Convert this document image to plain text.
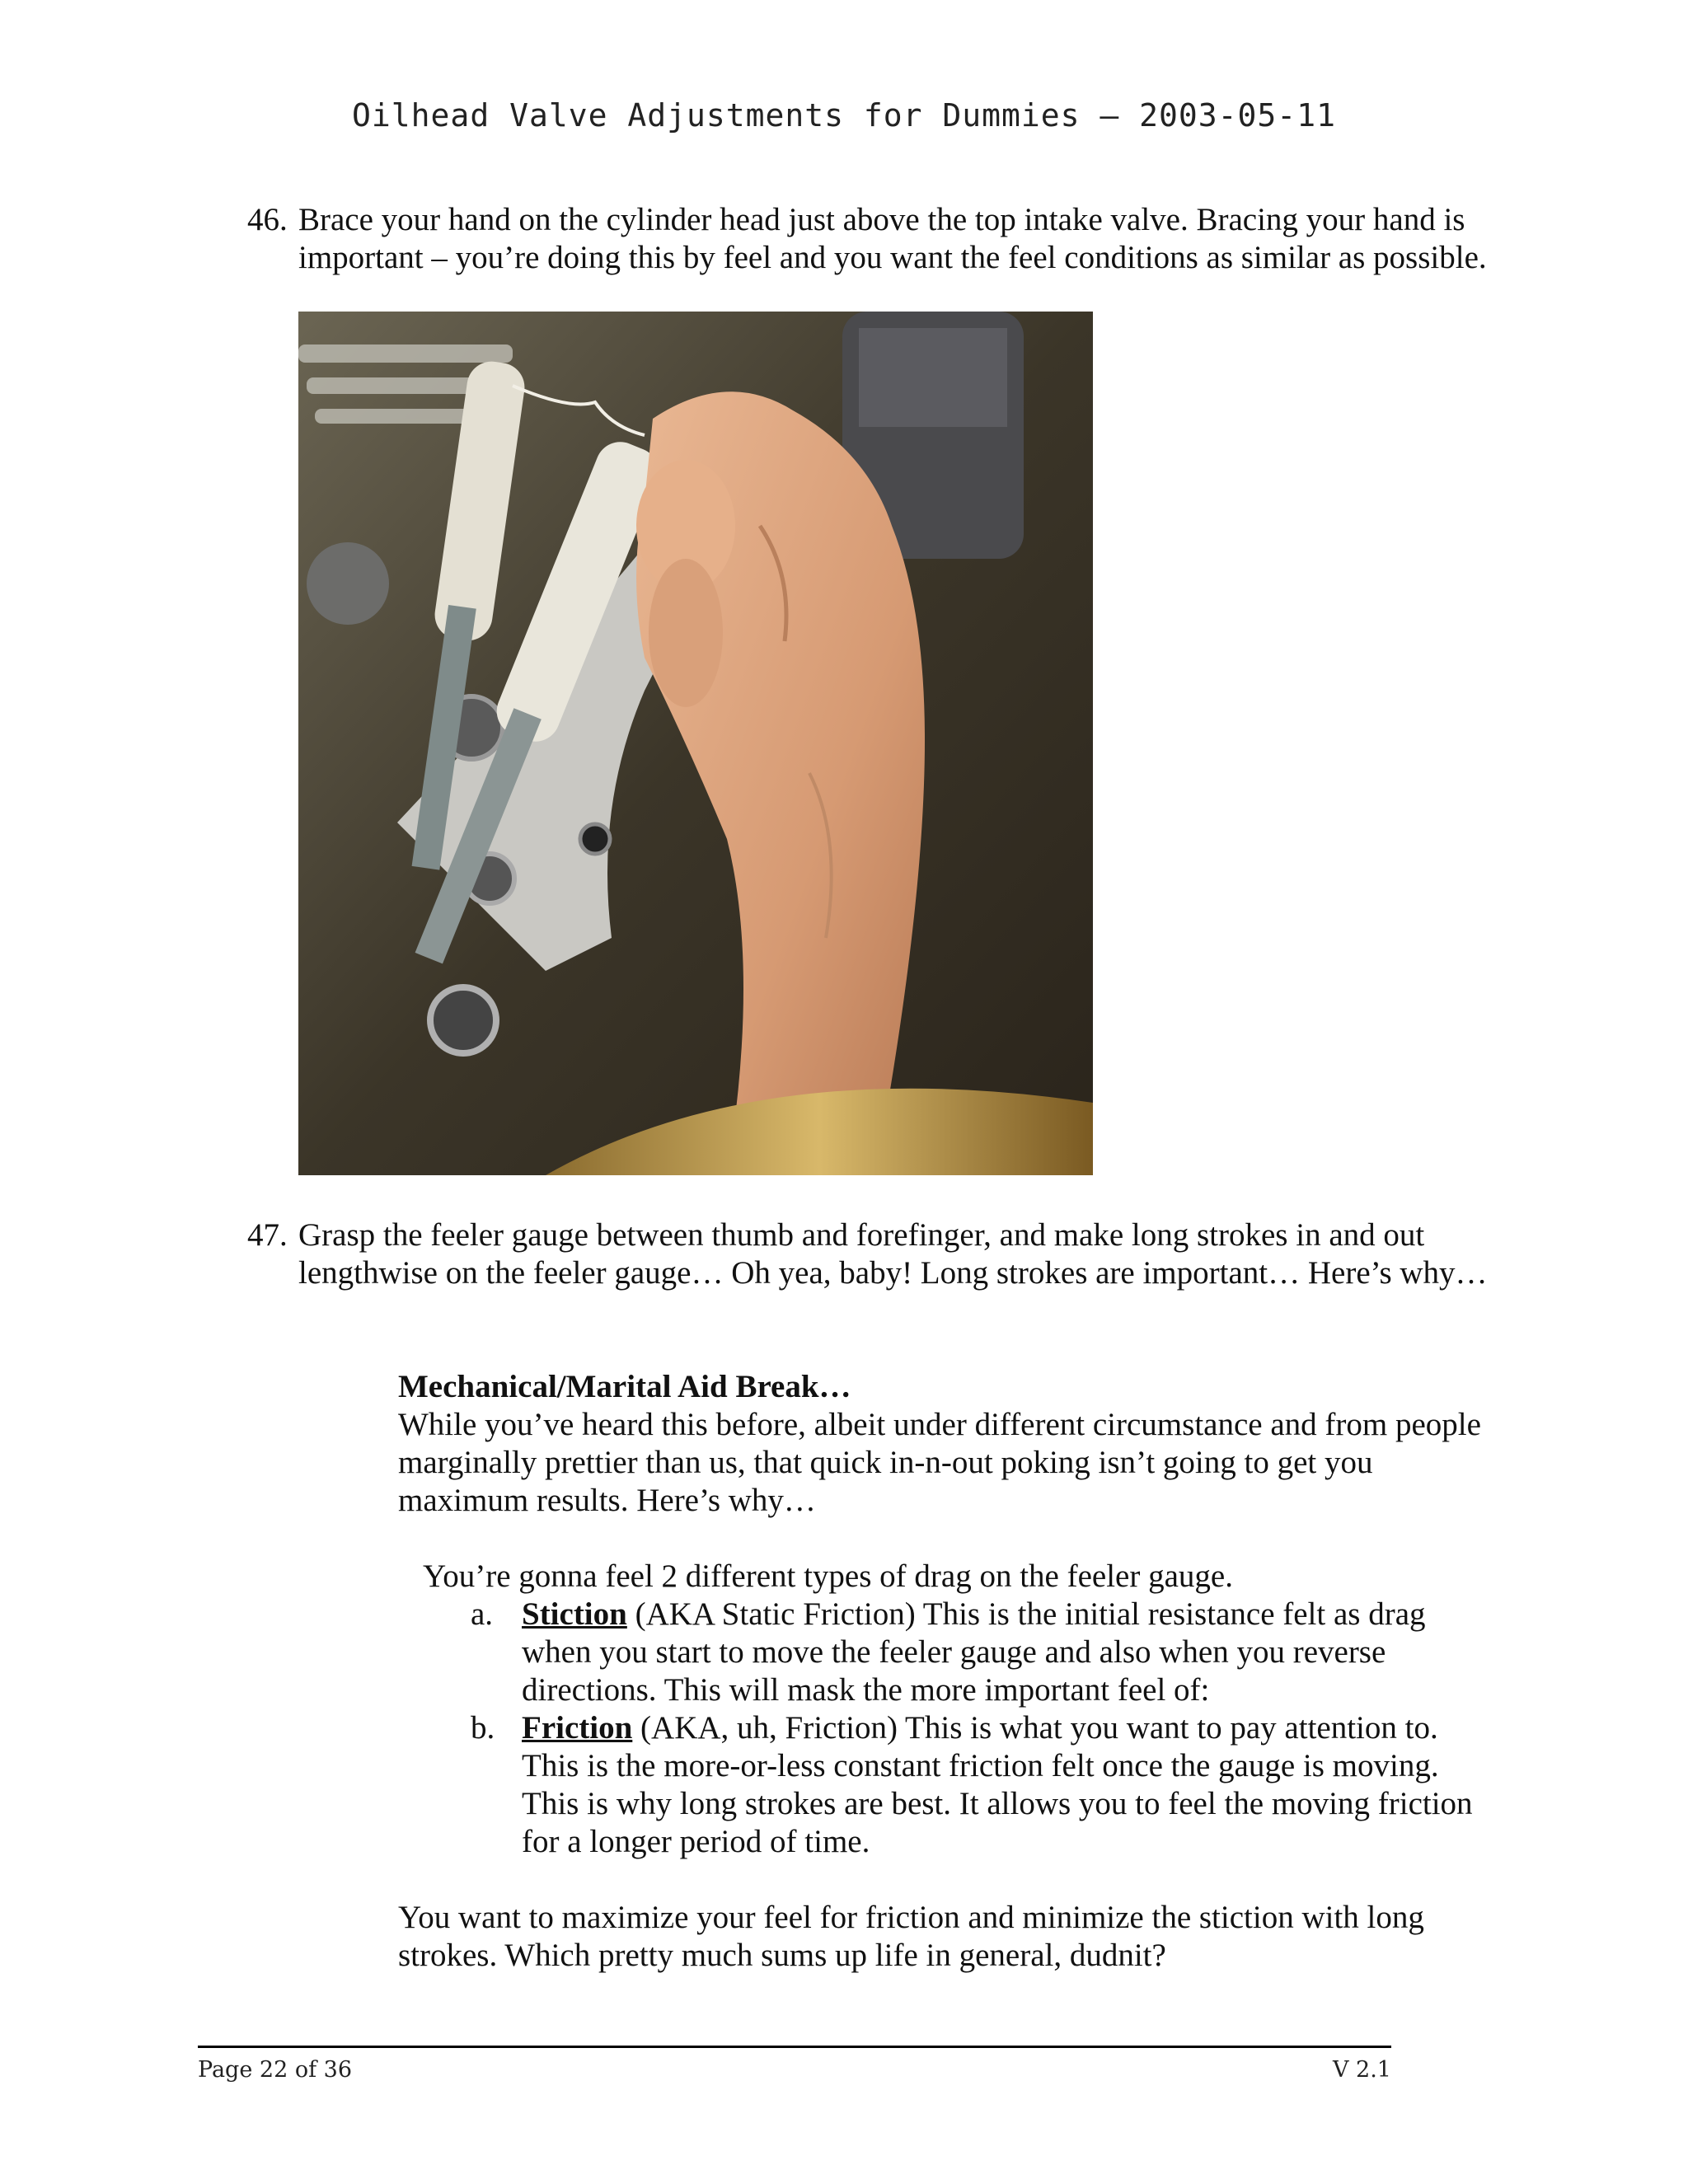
Oilhead Valve Adjustments for Dummies – 2003-05-11
46. Brace your hand on the cylinder head just above the top intake valve. Bracing your hand is important – you’re doing this by feel and you want the feel conditions as similar as possible.
47. Grasp the feeler gauge between thumb and forefinger, and make long strokes in and out lengthwise on the feeler gauge… Oh yea, baby! Long strokes are important… Here’s why…
Mechanical/Marital Aid Break…
While you’ve heard this before, albeit under different circumstance and from people marginally prettier than us, that quick in-n-out poking isn’t going to get you maximum results. Here’s why…
You’re gonna feel 2 different types of drag on the feeler gauge.
a. Stiction (AKA Static Friction) This is the initial resistance felt as drag when you start to move the feeler gauge and also when you reverse directions. This will mask the more important feel of:
b. Friction (AKA, uh, Friction) This is what you want to pay attention to. This is the more-or-less constant friction felt once the gauge is moving. This is why long strokes are best. It allows you to feel the moving friction for a longer period of time.
You want to maximize your feel for friction and minimize the stiction with long strokes. Which pretty much sums up life in general, dudnit?
Page 22 of 36	V 2.1
